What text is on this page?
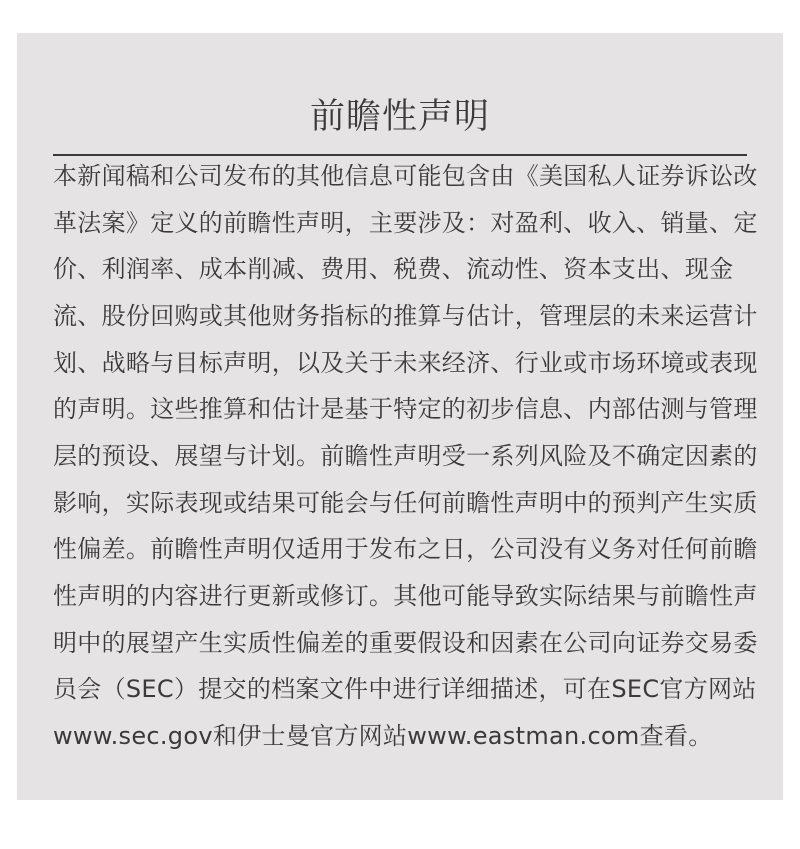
前瞻性声明
本新闻稿和公司发布的其他信息可能包含由《美国私人证券诉讼改
革法案》定义的前瞻性声明，主要涉及：对盈利、收入、销量、定
价、利润率、成本削减、费用、税费、流动性、资本支出、现金
流、股份回购或其他财务指标的推算与估计，管理层的未来运营计
划、战略与目标声明，以及关于未来经济、行业或市场环境或表现
的声明。这些推算和估计是基于特定的初步信息、内部估测与管理
层的预设、展望与计划。前瞻性声明受一系列风险及不确定因素的
影响，实际表现或结果可能会与任何前瞻性声明中的预判产生实质
性偏差。前瞻性声明仅适用于发布之日，公司没有义务对任何前瞻
性声明的内容进行更新或修订。其他可能导致实际结果与前瞻性声
明中的展望产生实质性偏差的重要假设和因素在公司向证券交易委
员会（SEC）提交的档案文件中进行详细描述，可在SEC官方网站
www.sec.gov和伊士曼官方网站www.eastman.com查看。
